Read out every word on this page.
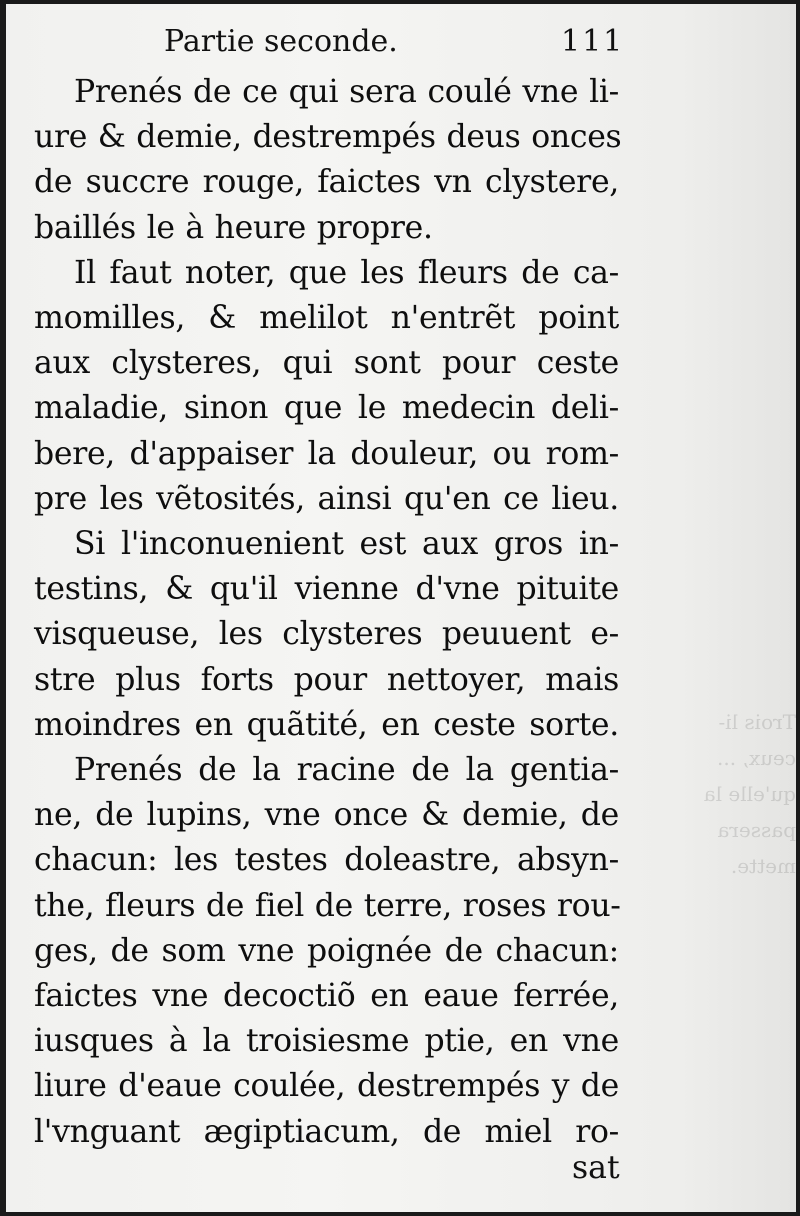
Trois li-
ceux, ...
qu'elle la
passera
mette.
Partie seconde.	111
Prenés de ce qui sera coulé vne li-
ure & demie, destrempés deus onces
de succre rouge, faictes vn clystere,
baillés le à heure propre.
Il faut noter, que les fleurs de ca-
momilles, & melilot n'entrẽt point
aux clysteres, qui sont pour ceste
maladie, sinon que le medecin deli-
bere, d'appaiser la douleur, ou rom-
pre les vẽtosités, ainsi qu'en ce lieu.
Si l'inconuenient est aux gros in-
testins, & qu'il vienne d'vne pituite
visqueuse, les clysteres peuuent e-
stre plus forts pour nettoyer, mais
moindres en quãtité, en ceste sorte.
Prenés de la racine de la gentia-
ne, de lupins, vne once & demie, de
chacun: les testes doleastre, absyn-
the, fleurs de fiel de terre, roses rou-
ges, de som vne poignée de chacun:
faictes vne decoctiõ en eaue ferrée,
iusques à la troisiesme ptie, en vne
liure d'eaue coulée, destrempés y de
l'vnguant ægiptiacum, de miel ro-
sat
